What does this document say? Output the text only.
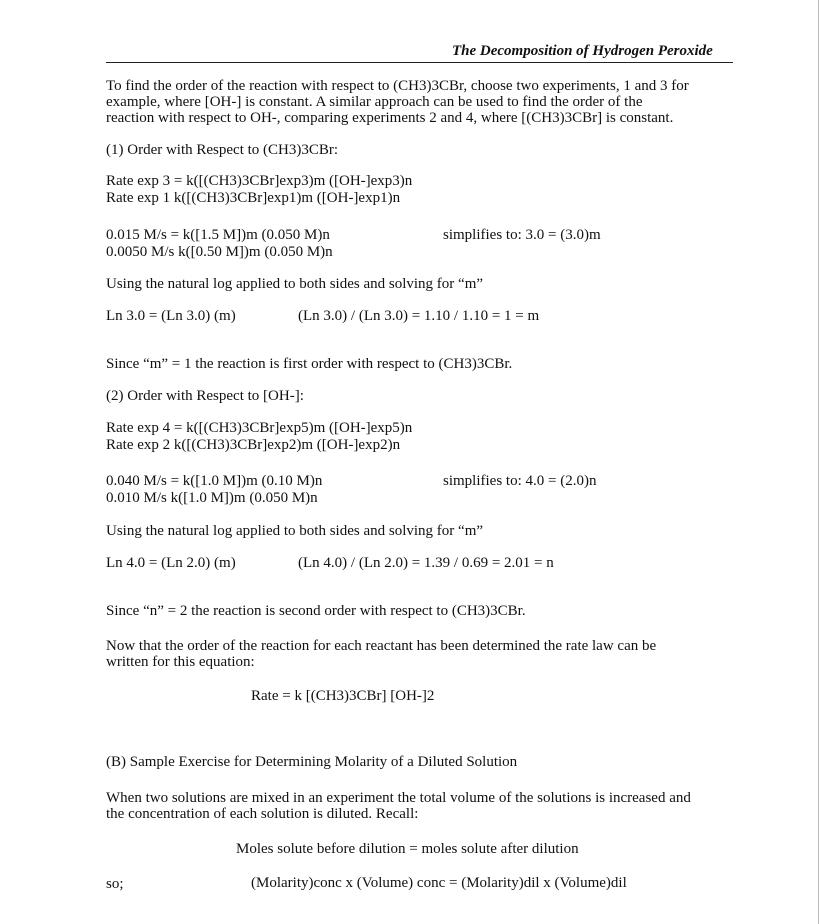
The Decomposition of Hydrogen Peroxide
To find the order of the reaction with respect to (CH3)3CBr, choose two experiments, 1 and 3 for
example, where [OH-] is constant. A similar approach can be used to find the order of the
reaction with respect to OH-, comparing experiments 2 and 4, where [(CH3)3CBr] is constant.
(1) Order with Respect to (CH3)3CBr:
Rate exp 3 = k([(CH3)3CBr]exp3)m ([OH-]exp3)n
Rate exp 1 k([(CH3)3CBr]exp1)m ([OH-]exp1)n
0.015 M/s = k([1.5 M])m (0.050 M)n
0.0050 M/s k([0.50 M])m (0.050 M)n
simplifies to: 3.0 = (3.0)m
Using the natural log applied to both sides and solving for “m”
Ln 3.0 = (Ln 3.0) (m)	(Ln 3.0) / (Ln 3.0) = 1.10 / 1.10 = 1 = m
Since “m” = 1 the reaction is first order with respect to (CH3)3CBr.
(2) Order with Respect to [OH-]:
Rate exp 4 = k([(CH3)3CBr]exp5)m ([OH-]exp5)n
Rate exp 2 k([(CH3)3CBr]exp2)m ([OH-]exp2)n
0.040 M/s = k([1.0 M])m (0.10 M)n
0.010 M/s k([1.0 M])m (0.050 M)n
simplifies to: 4.0 = (2.0)n
Using the natural log applied to both sides and solving for “m”
Ln 4.0 = (Ln 2.0) (m)	(Ln 4.0) / (Ln 2.0) = 1.39 / 0.69 = 2.01 = n
Since “n” = 2 the reaction is second order with respect to (CH3)3CBr.
Now that the order of the reaction for each reactant has been determined the rate law can be
written for this equation:
Rate = k [(CH3)3CBr] [OH-]2
(B) Sample Exercise for Determining Molarity of a Diluted Solution
When two solutions are mixed in an experiment the total volume of the solutions is increased and
the concentration of each solution is diluted. Recall:
Moles solute before dilution = moles solute after dilution
so;	(Molarity)conc x (Volume) conc = (Molarity)dil x (Volume)dil
